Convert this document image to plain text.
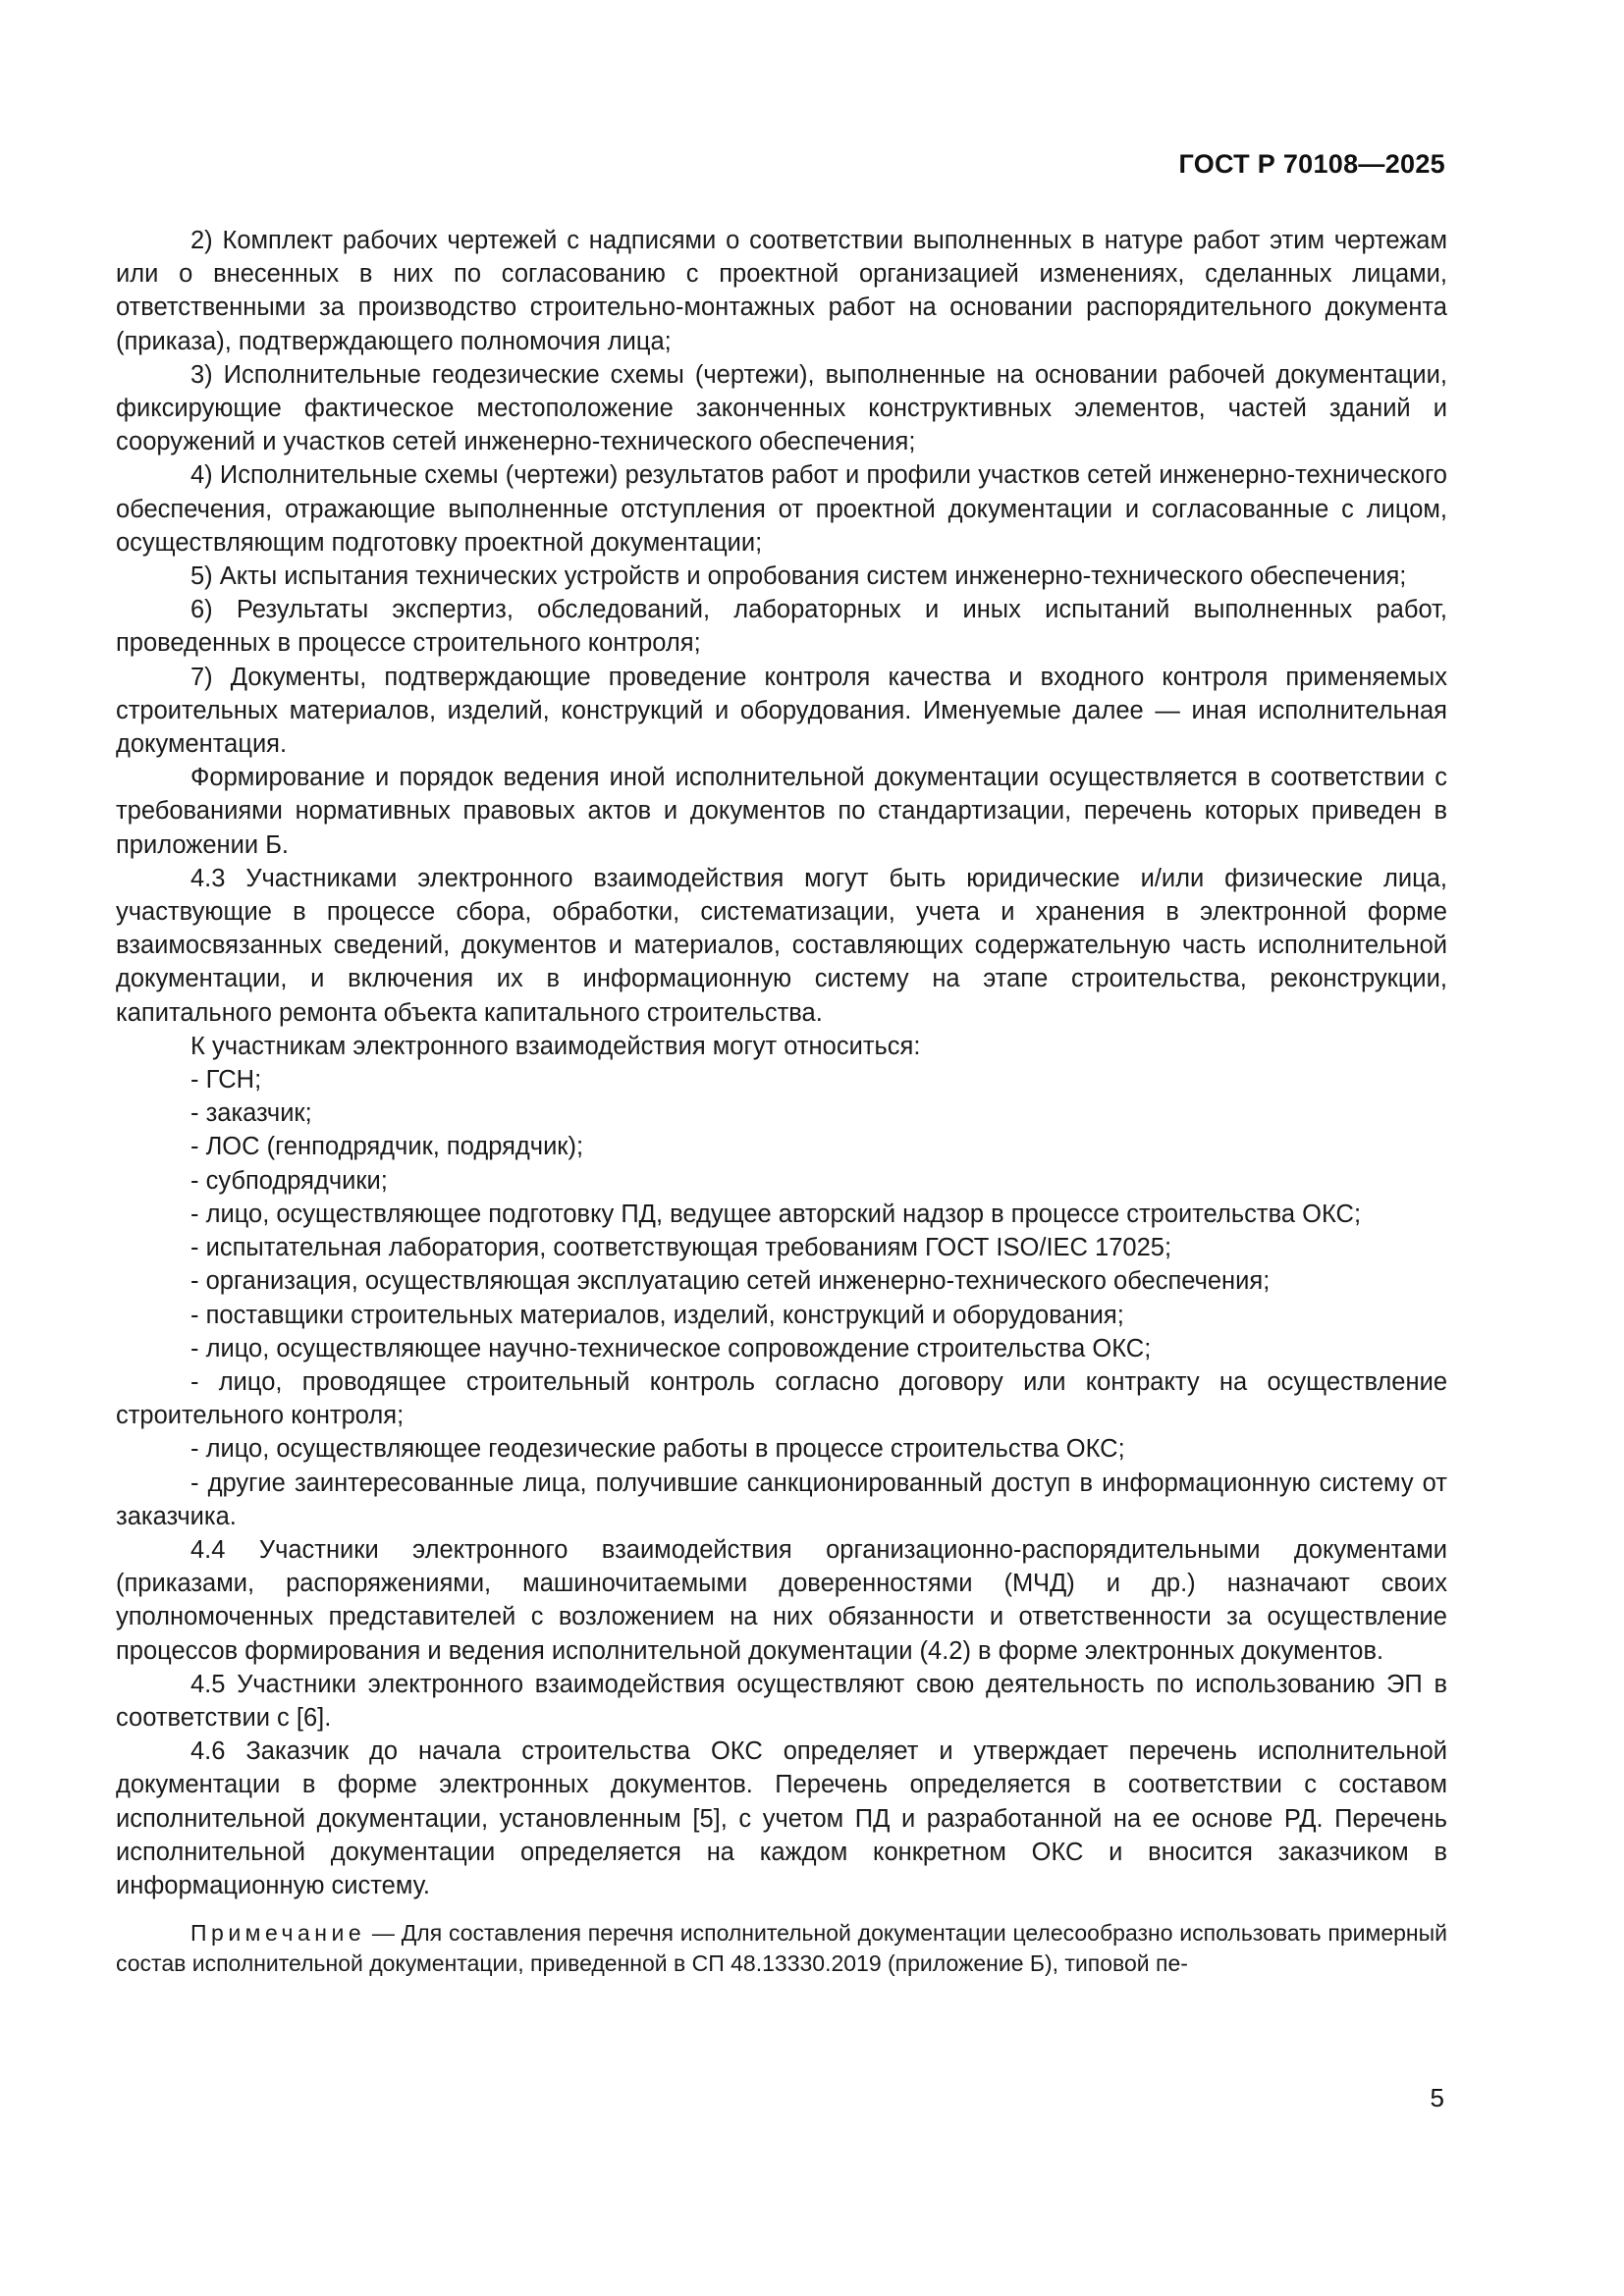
ГОСТ Р 70108—2025

2) Комплект рабочих чертежей с надписями о соответствии выполненных в натуре работ этим чертежам или о внесенных в них по согласованию с проектной организацией изменениях, сделанных лицами, ответственными за производство строительно-монтажных работ на основании распорядительного документа (приказа), подтверждающего полномочия лица;

3) Исполнительные геодезические схемы (чертежи), выполненные на основании рабочей документации, фиксирующие фактическое местоположение законченных конструктивных элементов, частей зданий и сооружений и участков сетей инженерно-технического обеспечения;

4) Исполнительные схемы (чертежи) результатов работ и профили участков сетей инженерно-технического обеспечения, отражающие выполненные отступления от проектной документации и согласованные с лицом, осуществляющим подготовку проектной документации;

5) Акты испытания технических устройств и опробования систем инженерно-технического обеспечения;

6) Результаты экспертиз, обследований, лабораторных и иных испытаний выполненных работ, проведенных в процессе строительного контроля;

7) Документы, подтверждающие проведение контроля качества и входного контроля применяемых строительных материалов, изделий, конструкций и оборудования. Именуемые далее — иная исполнительная документация.

Формирование и порядок ведения иной исполнительной документации осуществляется в соответствии с требованиями нормативных правовых актов и документов по стандартизации, перечень которых приведен в приложении Б.

4.3 Участниками электронного взаимодействия могут быть юридические и/или физические лица, участвующие в процессе сбора, обработки, систематизации, учета и хранения в электронной форме взаимосвязанных сведений, документов и материалов, составляющих содержательную часть исполнительной документации, и включения их в информационную систему на этапе строительства, реконструкции, капитального ремонта объекта капитального строительства.

К участникам электронного взаимодействия могут относиться:

- ГСН;

- заказчик;

- ЛОС (генподрядчик, подрядчик);

- субподрядчики;

- лицо, осуществляющее подготовку ПД, ведущее авторский надзор в процессе строительства ОКС;

- испытательная лаборатория, соответствующая требованиям ГОСТ ISO/IEC 17025;

- организация, осуществляющая эксплуатацию сетей инженерно-технического обеспечения;

- поставщики строительных материалов, изделий, конструкций и оборудования;

- лицо, осуществляющее научно-техническое сопровождение строительства ОКС;

- лицо, проводящее строительный контроль согласно договору или контракту на осуществление строительного контроля;

- лицо, осуществляющее геодезические работы в процессе строительства ОКС;

- другие заинтересованные лица, получившие санкционированный доступ в информационную систему от заказчика.

4.4 Участники электронного взаимодействия организационно-распорядительными документами (приказами, распоряжениями, машиночитаемыми доверенностями (МЧД) и др.) назначают своих уполномоченных представителей с возложением на них обязанности и ответственности за осуществление процессов формирования и ведения исполнительной документации (4.2) в форме электронных документов.

4.5 Участники электронного взаимодействия осуществляют свою деятельность по использованию ЭП в соответствии с [6].

4.6 Заказчик до начала строительства ОКС определяет и утверждает перечень исполнительной документации в форме электронных документов. Перечень определяется в соответствии с составом исполнительной документации, установленным [5], с учетом ПД и разработанной на ее основе РД. Перечень исполнительной документации определяется на каждом конкретном ОКС и вносится заказчиком в информационную систему.

Примечание — Для составления перечня исполнительной документации целесообразно использовать примерный состав исполнительной документации, приведенной в СП 48.13330.2019 (приложение Б), типовой пе-

5
